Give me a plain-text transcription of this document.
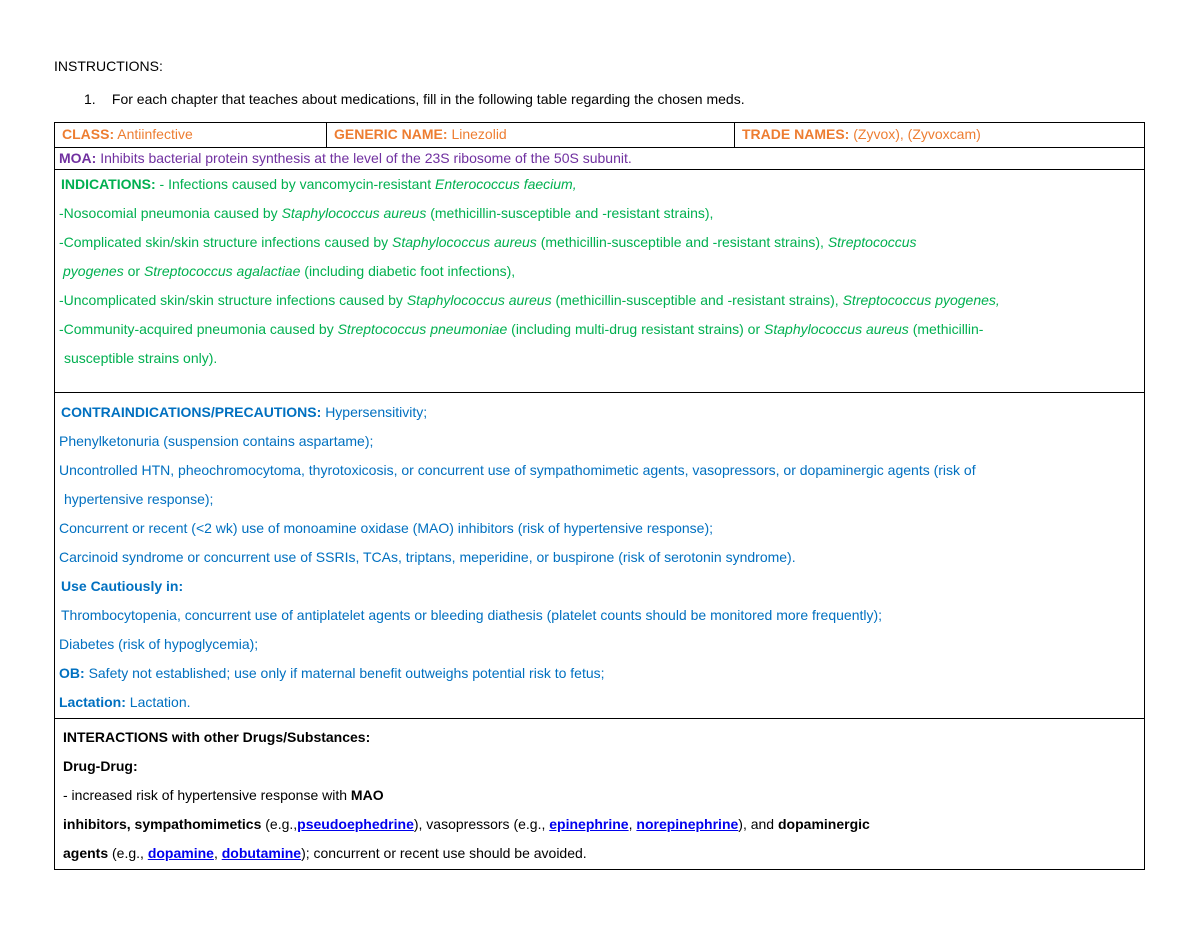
INSTRUCTIONS:
1. For each chapter that teaches about medications, fill in the following table regarding the chosen meds.
CLASS: Antiinfective	GENERIC NAME: Linezolid	TRADE NAMES: (Zyvox), (Zyvoxcam)
MOA: Inhibits bacterial protein synthesis at the level of the 23S ribosome of the 50S subunit.

INDICATIONS: - Infections caused by vancomycin-resistant Enterococcus faecium,
-Nosocomial pneumonia caused by Staphylococcus aureus (methicillin-susceptible and -resistant strains),
-Complicated skin/skin structure infections caused by Staphylococcus aureus (methicillin-susceptible and -resistant strains), Streptococcus
pyogenes or Streptococcus agalactiae (including diabetic foot infections),
-Uncomplicated skin/skin structure infections caused by Staphylococcus aureus (methicillin-susceptible and -resistant strains), Streptococcus pyogenes,
-Community-acquired pneumonia caused by Streptococcus pneumoniae (including multi-drug resistant strains) or Staphylococcus aureus (methicillin-
susceptible strains only).

CONTRAINDICATIONS/PRECAUTIONS: Hypersensitivity;
Phenylketonuria (suspension contains aspartame);
Uncontrolled HTN, pheochromocytoma, thyrotoxicosis, or concurrent use of sympathomimetic agents, vasopressors, or dopaminergic agents (risk of
hypertensive response);
Concurrent or recent (<2 wk) use of monoamine oxidase (MAO) inhibitors (risk of hypertensive response);
Carcinoid syndrome or concurrent use of SSRIs, TCAs, triptans, meperidine, or buspirone (risk of serotonin syndrome).
Use Cautiously in:
Thrombocytopenia, concurrent use of antiplatelet agents or bleeding diathesis (platelet counts should be monitored more frequently);
Diabetes (risk of hypoglycemia);
OB: Safety not established; use only if maternal benefit outweighs potential risk to fetus;
Lactation: Lactation.

INTERACTIONS with other Drugs/Substances:
Drug-Drug:
- increased risk of hypertensive response with MAO
inhibitors, sympathomimetics (e.g.,pseudoephedrine), vasopressors (e.g., epinephrine, norepinephrine), and dopaminergic
agents (e.g., dopamine, dobutamine); concurrent or recent use should be avoided.
